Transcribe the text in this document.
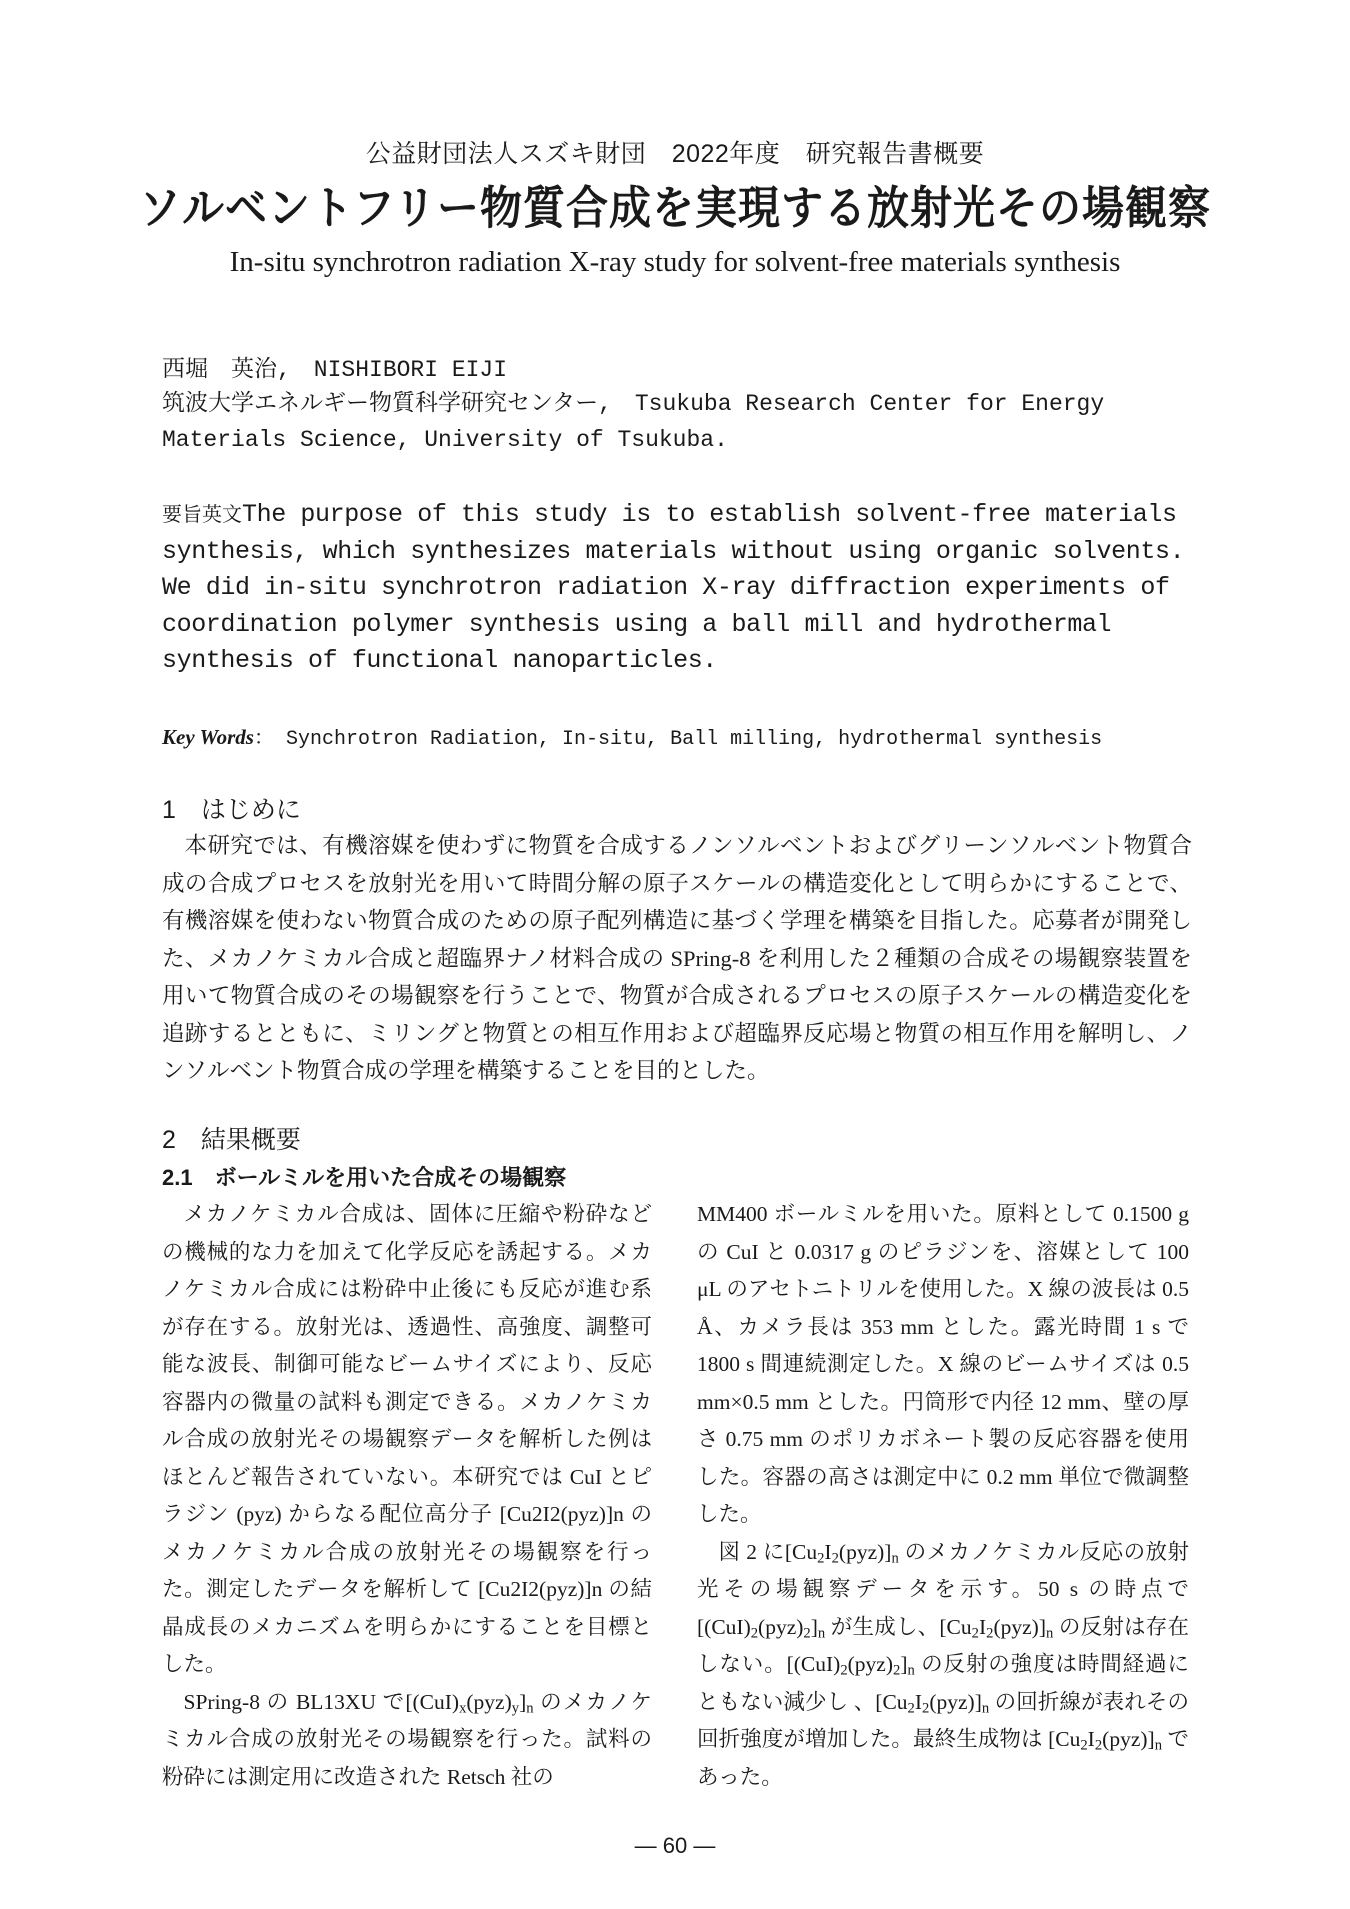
公益財団法人スズキ財団　2022年度　研究報告書概要
ソルベントフリー物質合成を実現する放射光その場観察
In-situ synchrotron radiation X-ray study for solvent-free materials synthesis
西堀　英治,　NISHIBORI EIJI
筑波大学エネルギー物質科学研究センター,　Tsukuba Research Center for Energy Materials Science, University of Tsukuba.
要旨英文The purpose of this study is to establish solvent-free materials synthesis, which synthesizes materials without using organic solvents. We did in-situ synchrotron radiation X-ray diffraction experiments of coordination polymer synthesis using a ball mill and hydrothermal synthesis of functional nanoparticles.
Key Words： Synchrotron Radiation, In-situ, Ball milling, hydrothermal synthesis
1　はじめに
本研究では、有機溶媒を使わずに物質を合成するノンソルベントおよびグリーンソルベント物質合成の合成プロセスを放射光を用いて時間分解の原子スケールの構造変化として明らかにすることで、有機溶媒を使わない物質合成のための原子配列構造に基づく学理を構築を目指した。応募者が開発した、メカノケミカル合成と超臨界ナノ材料合成の SPring-8 を利用した２種類の合成その場観察装置を用いて物質合成のその場観察を行うことで、物質が合成されるプロセスの原子スケールの構造変化を追跡するとともに、ミリングと物質との相互作用および超臨界反応場と物質の相互作用を解明し、ノンソルベント物質合成の学理を構築することを目的とした。
2　結果概要
2.1　ボールミルを用いた合成その場観察

メカノケミカル合成は、固体に圧縮や粉砕などの機械的な力を加えて化学反応を誘起する。メカノケミカル合成には粉砕中止後にも反応が進む系が存在する。放射光は、透過性、高強度、調整可能な波長、制御可能なビームサイズにより、反応容器内の微量の試料も測定できる。メカノケミカル合成の放射光その場観察データを解析した例はほとんど報告されていない。本研究では CuI とピラジン (pyz) からなる配位高分子 [Cu2I2(pyz)]n のメカノケミカル合成の放射光その場観察を行った。測定したデータを解析して [Cu2I2(pyz)]n の結晶成長のメカニズムを明らかにすることを目標とした。

SPring-8 の BL13XU で$[(CuI)_x(pyz)_y]_n$ のメカノケミカル合成の放射光その場観察を行った。試料の粉砕には測定用に改造された Retsch 社の

MM400 ボールミルを用いた。原料として 0.1500 g の CuI と 0.0317 g のピラジンを、溶媒として 100　μL のアセトニトリルを使用した。X 線の波長は 0.5 Å、カメラ長は 353 mm とした。露光時間 1 s で 1800 s 間連続測定した。X 線のビームサイズは 0.5 mm×0.5 mm とした。円筒形で内径 12 mm、壁の厚さ 0.75 mm のポリカボネート製の反応容器を使用した。容器の高さは測定中に 0.2 mm 単位で微調整した。

図 2 に$[Cu_2I_2(pyz)]_n$ のメカノケミカル反応の放射光その場観察データを示す。50 s の時点で $[(CuI)_2(pyz)_2]_n$ が生成し、$[Cu_2I_2(pyz)]_n$ の反射は存在しない。$[(CuI)_2(pyz)_2]_n$ の反射の強度は時間経過にともない減少し 、$[Cu_2I_2(pyz)]_n$ の回折線が表れその回折強度が増加した。最終生成物は $[Cu_2I_2(pyz)]_n$ であった。

— 60 —
